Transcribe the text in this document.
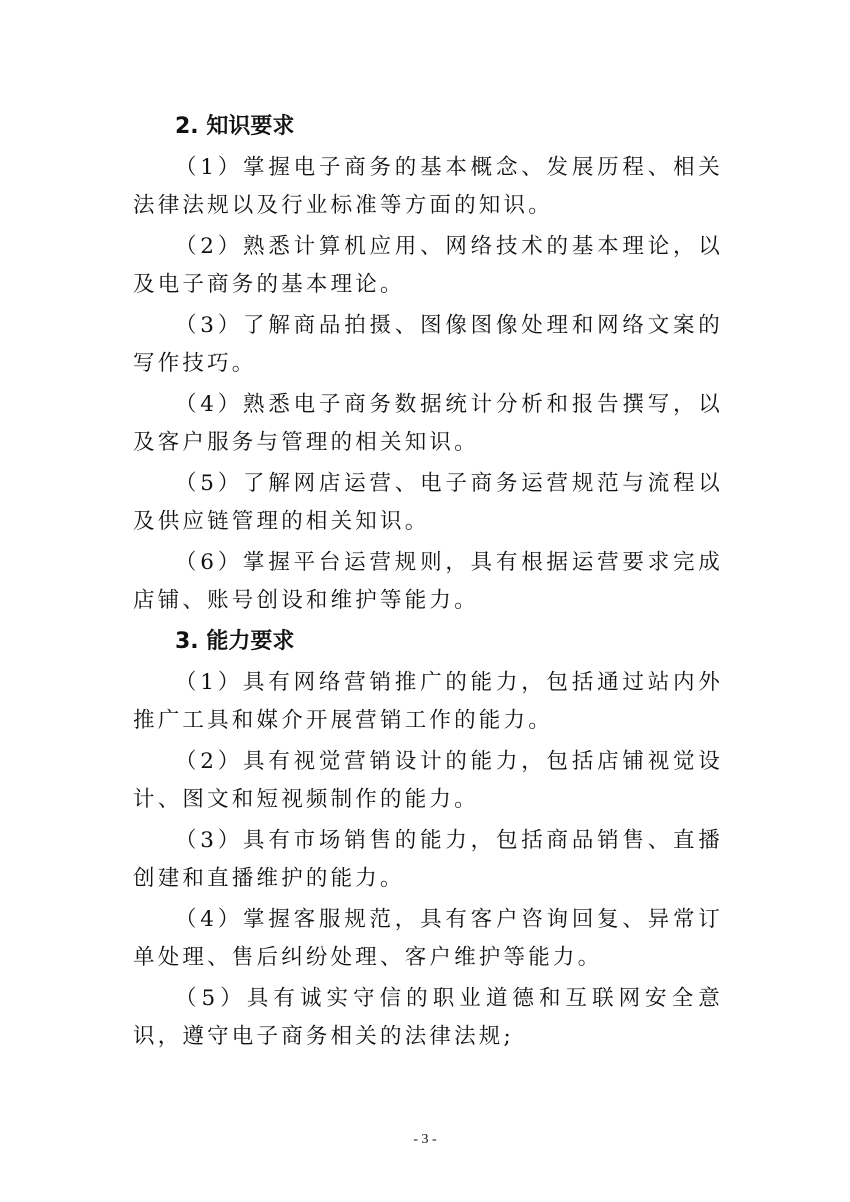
2. 知识要求

（1）掌握电子商务的基本概念、发展历程、相关法律法规以及行业标准等方面的知识。

（2）熟悉计算机应用、网络技术的基本理论，以及电子商务的基本理论。

（3）了解商品拍摄、图像图像处理和网络文案的写作技巧。

（4）熟悉电子商务数据统计分析和报告撰写，以及客户服务与管理的相关知识。

（5）了解网店运营、电子商务运营规范与流程以及供应链管理的相关知识。

（6）掌握平台运营规则，具有根据运营要求完成店铺、账号创设和维护等能力。

3. 能力要求

（1）具有网络营销推广的能力，包括通过站内外推广工具和媒介开展营销工作的能力。

（2）具有视觉营销设计的能力，包括店铺视觉设计、图文和短视频制作的能力。

（3）具有市场销售的能力，包括商品销售、直播创建和直播维护的能力。

（4）掌握客服规范，具有客户咨询回复、异常订单处理、售后纠纷处理、客户维护等能力。

（5）具有诚实守信的职业道德和互联网安全意识，遵守电子商务相关的法律法规;

- 3 -
